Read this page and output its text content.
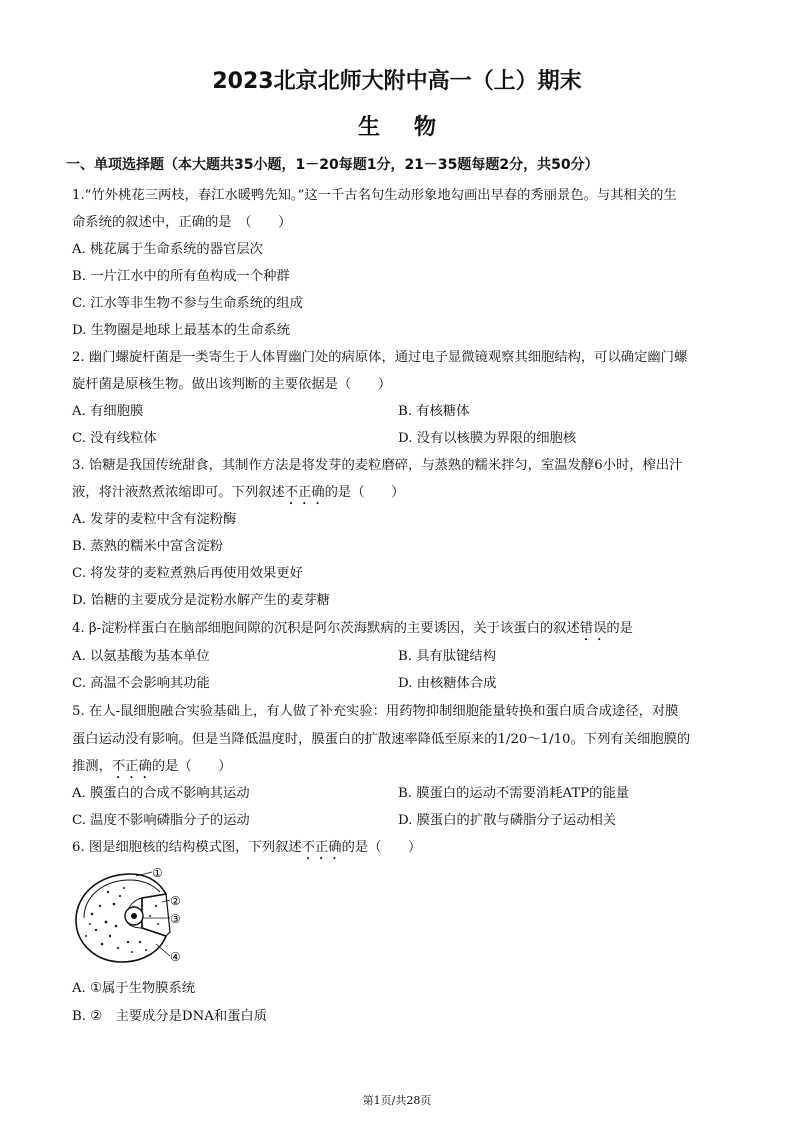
2023北京北师大附中高一（上）期末
生物
一、单项选择题（本大题共35小题，1－20每题1分，21－35题每题2分，共50分）
1.“竹外桃花三两枝，春江水暖鸭先知。”这一千古名句生动形象地勾画出早春的秀丽景色。与其相关的生
命系统的叙述中，正确的是　（　　）
A. 桃花属于生命系统的器官层次
B. 一片江水中的所有鱼构成一个种群
C. 江水等非生物不参与生命系统的组成
D. 生物圈是地球上最基本的生命系统
2. 幽门螺旋杆菌是一类寄生于人体胃幽门处的病原体，通过电子显微镜观察其细胞结构，可以确定幽门螺
旋杆菌是原核生物。做出该判断的主要依据是（　　）
A. 有细胞膜	B. 有核糖体
C. 没有线粒体	D. 没有以核膜为界限的细胞核
3. 饴糖是我国传统甜食，其制作方法是将发芽的麦粒磨碎，与蒸熟的糯米拌匀，室温发酵6小时，榨出汁
液，将汁液熬煮浓缩即可。下列叙述不正确的是（　　）
A. 发芽的麦粒中含有淀粉酶
B. 蒸熟的糯米中富含淀粉
C. 将发芽的麦粒煮熟后再使用效果更好
D. 饴糖的主要成分是淀粉水解产生的麦芽糖
4. β-淀粉样蛋白在脑部细胞间隙的沉积是阿尔茨海默病的主要诱因，关于该蛋白的叙述错误的是
A. 以氨基酸为基本单位	B. 具有肽键结构
C. 高温不会影响其功能	D. 由核糖体合成
5. 在人-鼠细胞融合实验基础上，有人做了补充实验：用药物抑制细胞能量转换和蛋白质合成途径，对膜
蛋白运动没有影响。但是当降低温度时，膜蛋白的扩散速率降低至原来的1/20～1/10。下列有关细胞膜的
推测，不正确的是（　　）
A. 膜蛋白的合成不影响其运动	B. 膜蛋白的运动不需要消耗ATP的能量
C. 温度不影响磷脂分子的运动	D. 膜蛋白的扩散与磷脂分子运动相关
6. 图是细胞核的结构模式图，下列叙述不正确的是（　　）
①
②
③
④
A. ①属于生物膜系统
B. ②　主要成分是DNA和蛋白质
第1页/共28页
